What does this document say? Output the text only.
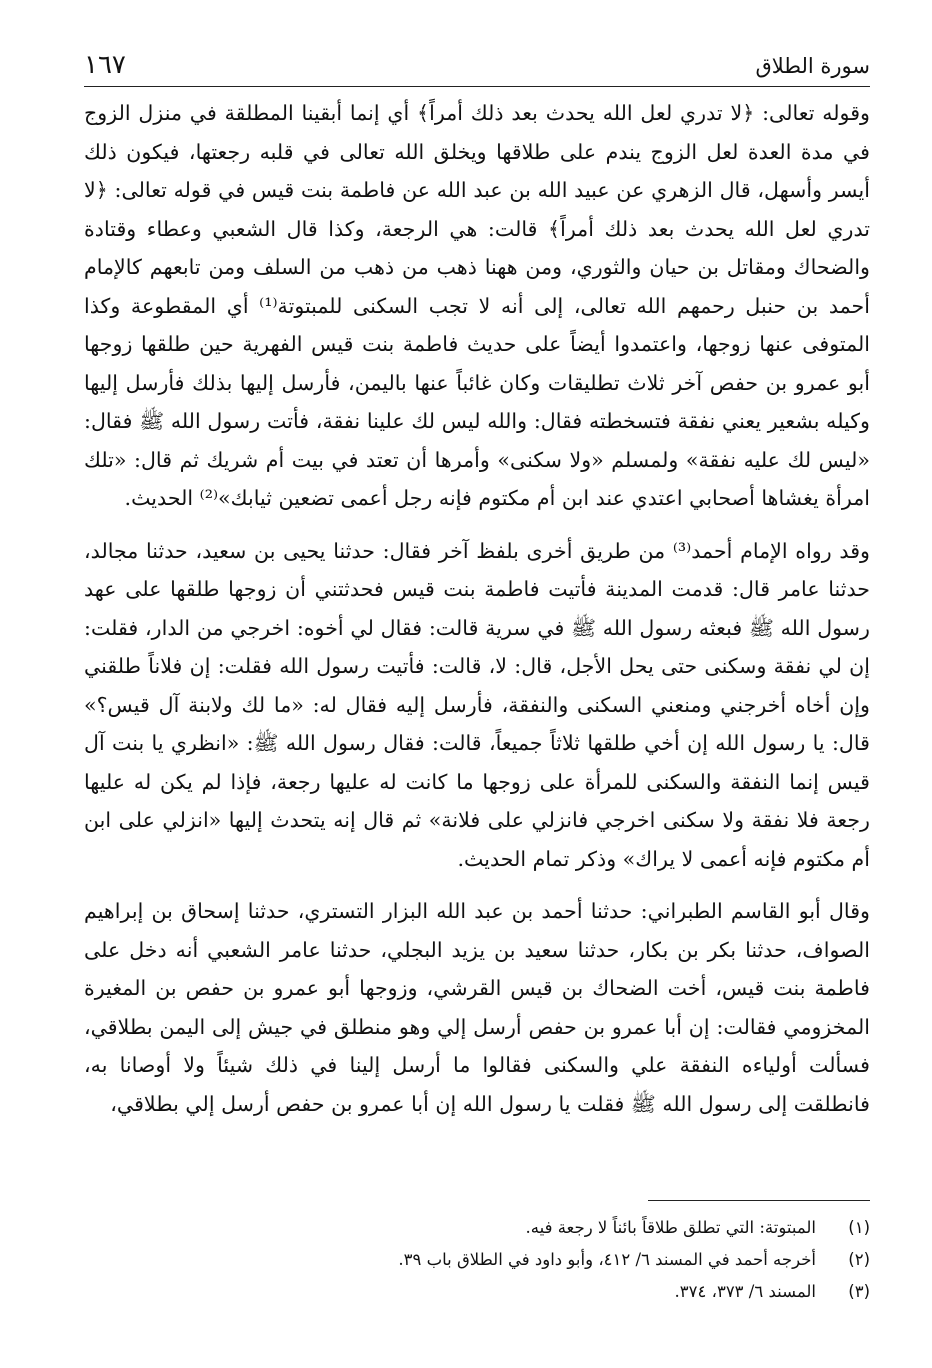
١٦٧	سورة الطلاق

وقوله تعالى: ﴿لا تدري لعل الله يحدث بعد ذلك أمراً﴾ أي إنما أبقينا المطلقة في منزل الزوج في مدة العدة لعل الزوج يندم على طلاقها ويخلق الله تعالى في قلبه رجعتها، فيكون ذلك أيسر وأسهل، قال الزهري عن عبيد الله بن عبد الله عن فاطمة بنت قيس في قوله تعالى: ﴿لا تدري لعل الله يحدث بعد ذلك أمراً﴾ قالت: هي الرجعة، وكذا قال الشعبي وعطاء وقتادة والضحاك ومقاتل بن حيان والثوري، ومن ههنا ذهب من ذهب من السلف ومن تابعهم كالإمام أحمد بن حنبل رحمهم الله تعالى، إلى أنه لا تجب السكنى للمبتوتة⁽¹⁾ أي المقطوعة وكذا المتوفى عنها زوجها، واعتمدوا أيضاً على حديث فاطمة بنت قيس الفهرية حين طلقها زوجها أبو عمرو بن حفص آخر ثلاث تطليقات وكان غائباً عنها باليمن، فأرسل إليها بذلك فأرسل إليها وكيله بشعير يعني نفقة فتسخطته فقال: والله ليس لك علينا نفقة، فأتت رسول الله ﷺ فقال: «ليس لك عليه نفقة» ولمسلم «ولا سكنى» وأمرها أن تعتد في بيت أم شريك ثم قال: «تلك امرأة يغشاها أصحابي اعتدي عند ابن أم مكتوم فإنه رجل أعمى تضعين ثيابك»⁽²⁾ الحديث.

وقد رواه الإمام أحمد⁽³⁾ من طريق أخرى بلفظ آخر فقال: حدثنا يحيى بن سعيد، حدثنا مجالد، حدثنا عامر قال: قدمت المدينة فأتيت فاطمة بنت قيس فحدثتني أن زوجها طلقها على عهد رسول الله ﷺ فبعثه رسول الله ﷺ في سرية قالت: فقال لي أخوه: اخرجي من الدار، فقلت: إن لي نفقة وسكنى حتى يحل الأجل، قال: لا، قالت: فأتيت رسول الله فقلت: إن فلاناً طلقني وإن أخاه أخرجني ومنعني السكنى والنفقة، فأرسل إليه فقال له: «ما لك ولابنة آل قيس؟» قال: يا رسول الله إن أخي طلقها ثلاثاً جميعاً، قالت: فقال رسول الله ﷺ: «انظري يا بنت آل قيس إنما النفقة والسكنى للمرأة على زوجها ما كانت له عليها رجعة، فإذا لم يكن له عليها رجعة فلا نفقة ولا سكنى اخرجي فانزلي على فلانة» ثم قال إنه يتحدث إليها «انزلي على ابن أم مكتوم فإنه أعمى لا يراك» وذكر تمام الحديث.

وقال أبو القاسم الطبراني: حدثنا أحمد بن عبد الله البزار التستري، حدثنا إسحاق بن إبراهيم الصواف، حدثنا بكر بن بكار، حدثنا سعيد بن يزيد البجلي، حدثنا عامر الشعبي أنه دخل على فاطمة بنت قيس، أخت الضحاك بن قيس القرشي، وزوجها أبو عمرو بن حفص بن المغيرة المخزومي فقالت: إن أبا عمرو بن حفص أرسل إلي وهو منطلق في جيش إلى اليمن بطلاقي، فسألت أولياءه النفقة علي والسكنى فقالوا ما أرسل إلينا في ذلك شيئاً ولا أوصانا به، فانطلقت إلى رسول الله ﷺ فقلت يا رسول الله إن أبا عمرو بن حفص أرسل إلي بطلاقي،

(١)
المبتوتة: التي تطلق طلاقاً بائناً لا رجعة فيه.
(٢)
أخرجه أحمد في المسند ٦/ ٤١٢، وأبو داود في الطلاق باب ٣٩.
(٣)
المسند ٦/ ٣٧٣، ٣٧٤.
